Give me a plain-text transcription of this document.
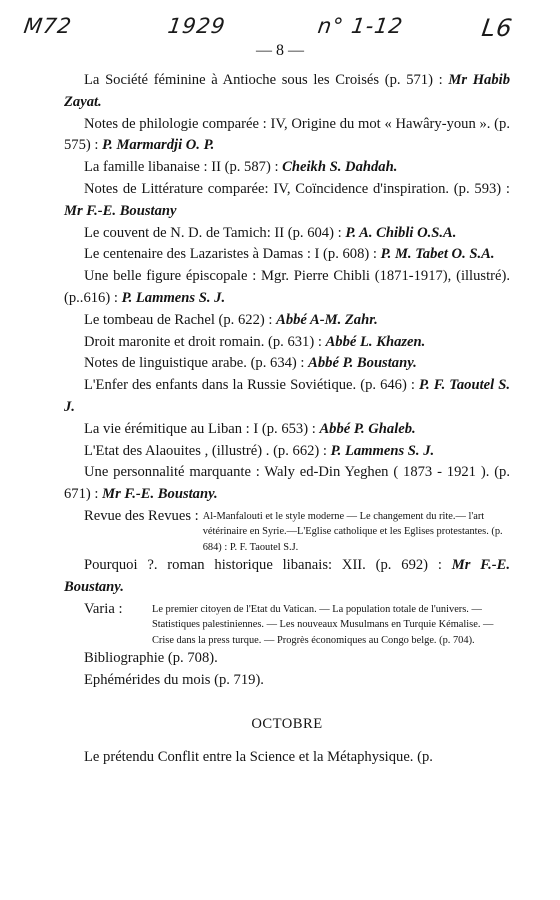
M72	1929	n° 1-12	L6
— 8 —

La Société féminine à Antioche sous les Croisés (p. 571) : Mr Habib Zayat.

Notes de philologie comparée : IV, Origine du mot « Hawâry-youn ». (p. 575) : P. Marmardji O. P.

La famille libanaise : II (p. 587) : Cheikh S. Dahdah.

Notes de Littérature comparée: IV, Coïncidence d'inspiration. (p. 593) : Mr F.-E. Boustany

Le couvent de N. D. de Tamich: II (p. 604) : P. A. Chibli O.S.A.

Le centenaire des Lazaristes à Damas : I (p. 608) : P. M. Tabet O. S.A.

Une belle figure épiscopale : Mgr. Pierre Chibli (1871-1917), (illustré). (p..616) : P. Lammens S. J.

Le tombeau de Rachel (p. 622) : Abbé A-M. Zahr.

Droit maronite et droit romain. (p. 631) : Abbé L. Khazen.

Notes de linguistique arabe. (p. 634) : Abbé P. Boustany.

L'Enfer des enfants dans la Russie Soviétique. (p. 646) : P. F. Taoutel S. J.

La vie érémitique au Liban : I (p. 653) : Abbé P. Ghaleb.

L'Etat des Alaouites , (illustré) . (p. 662) : P. Lammens S. J.

Une personnalité marquante : Waly ed-Din Yeghen ( 1873 - 1921 ). (p. 671) : Mr F.-E. Boustany.

Revue des Revues : Al-Manfalouti et le style moderne — Le changement du rite.— l'art vétérinaire en Syrie.—L'Eglise catholique et les Eglises protestantes. (p. 684) : P. F. Taoutel S.J.

Pourquoi ?. roman historique libanais: XII. (p. 692) : Mr F.-E. Boustany.

Varia :	Le premier citoyen de l'Etat du Vatican. — La population totale de l'univers. — Statistiques palestiniennes. — Les nouveaux Musulmans en Turquie Kémalise. — Crise dans la press turque. — Progrès économiques au Congo belge. (p. 704).

Bibliographie (p. 708).

Ephémérides du mois (p. 719).

OCTOBRE

Le prétendu Conflit entre la Science et la Métaphysique. (p.
